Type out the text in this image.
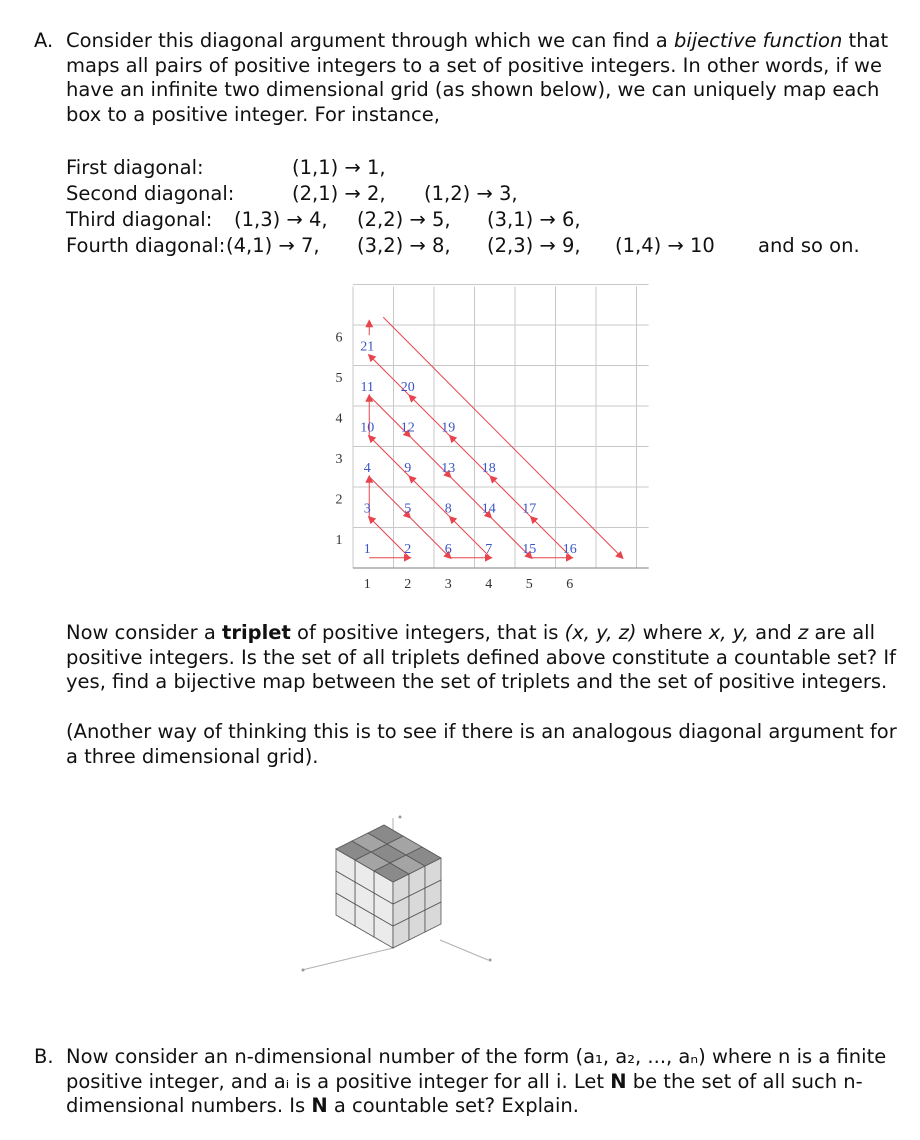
A. Consider this diagonal argument through which we can find a bijective function that maps all pairs of positive integers to a set of positive integers. In other words, if we have an infinite two dimensional grid (as shown below), we can uniquely map each box to a positive integer. For instance,
First diagonal:	(1,1) → 1,
Second diagonal:	(2,1) → 2, (1,2) → 3,
Third diagonal: (1,3) → 4, (2,2) → 5, (3,1) → 6,
Fourth diagonal: (4,1) → 7, (3,2) → 8, (2,3) → 9, (1,4) → 10 and so on.
1 2 6 7 15 16
3 5 8 14 17
4 9 13 18
10 12 19
11 20
21
1 2 3 4 5 6
1
2
3
4
5
6
Now consider a triplet of positive integers, that is (x, y, z) where x, y, and z are all positive integers. Is the set of all triplets defined above constitute a countable set? If yes, find a bijective map between the set of triplets and the set of positive integers.
(Another way of thinking this is to see if there is an analogous diagonal argument for a three dimensional grid).
B. Now consider an n-dimensional number of the form (a₁, a₂, ..., aₙ) where n is a finite positive integer, and aᵢ is a positive integer for all i. Let N be the set of all such n-dimensional numbers. Is N a countable set? Explain.
